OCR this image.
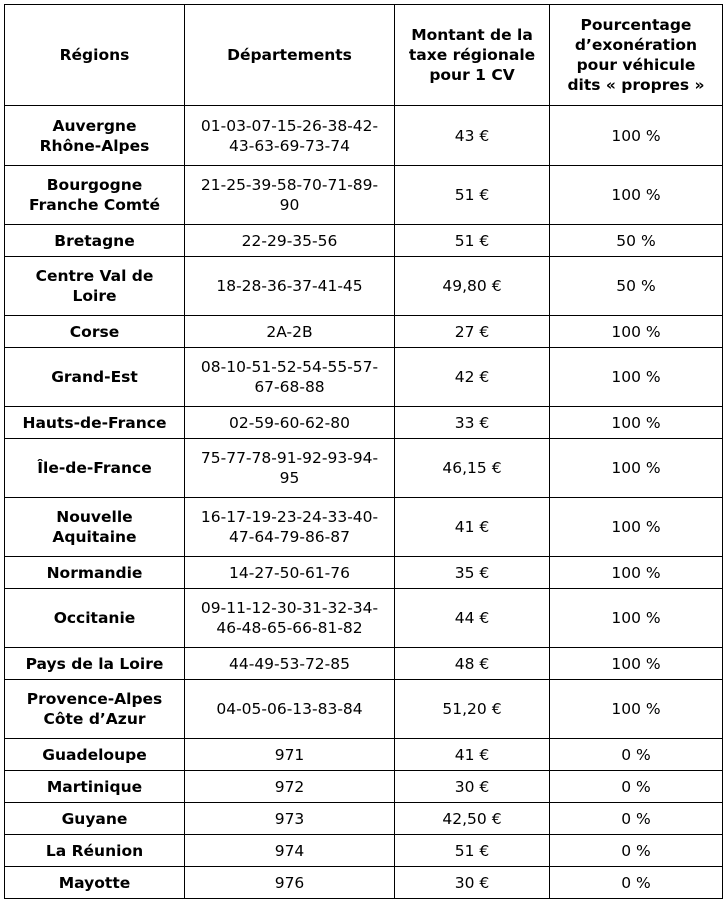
Régions	Départements	Montant de la taxe régionale pour 1 CV	Pourcentage d’exonération pour véhicule dits « propres »
Auvergne Rhône-Alpes	01-03-07-15-26-38-42-43-63-69-73-74	43 €	100 %
Bourgogne Franche Comté	21-25-39-58-70-71-89-90	51 €	100 %
Bretagne	22-29-35-56	51 €	50 %
Centre Val de Loire	18-28-36-37-41-45	49,80 €	50 %
Corse	2A-2B	27 €	100 %
Grand-Est	08-10-51-52-54-55-57-67-68-88	42 €	100 %
Hauts-de-France	02-59-60-62-80	33 €	100 %
Île-de-France	75-77-78-91-92-93-94-95	46,15 €	100 %
Nouvelle Aquitaine	16-17-19-23-24-33-40-47-64-79-86-87	41 €	100 %
Normandie	14-27-50-61-76	35 €	100 %
Occitanie	09-11-12-30-31-32-34-46-48-65-66-81-82	44 €	100 %
Pays de la Loire	44-49-53-72-85	48 €	100 %
Provence-Alpes Côte d’Azur	04-05-06-13-83-84	51,20 €	100 %
Guadeloupe	971	41 €	0 %
Martinique	972	30 €	0 %
Guyane	973	42,50 €	0 %
La Réunion	974	51 €	0 %
Mayotte	976	30 €	0 %
